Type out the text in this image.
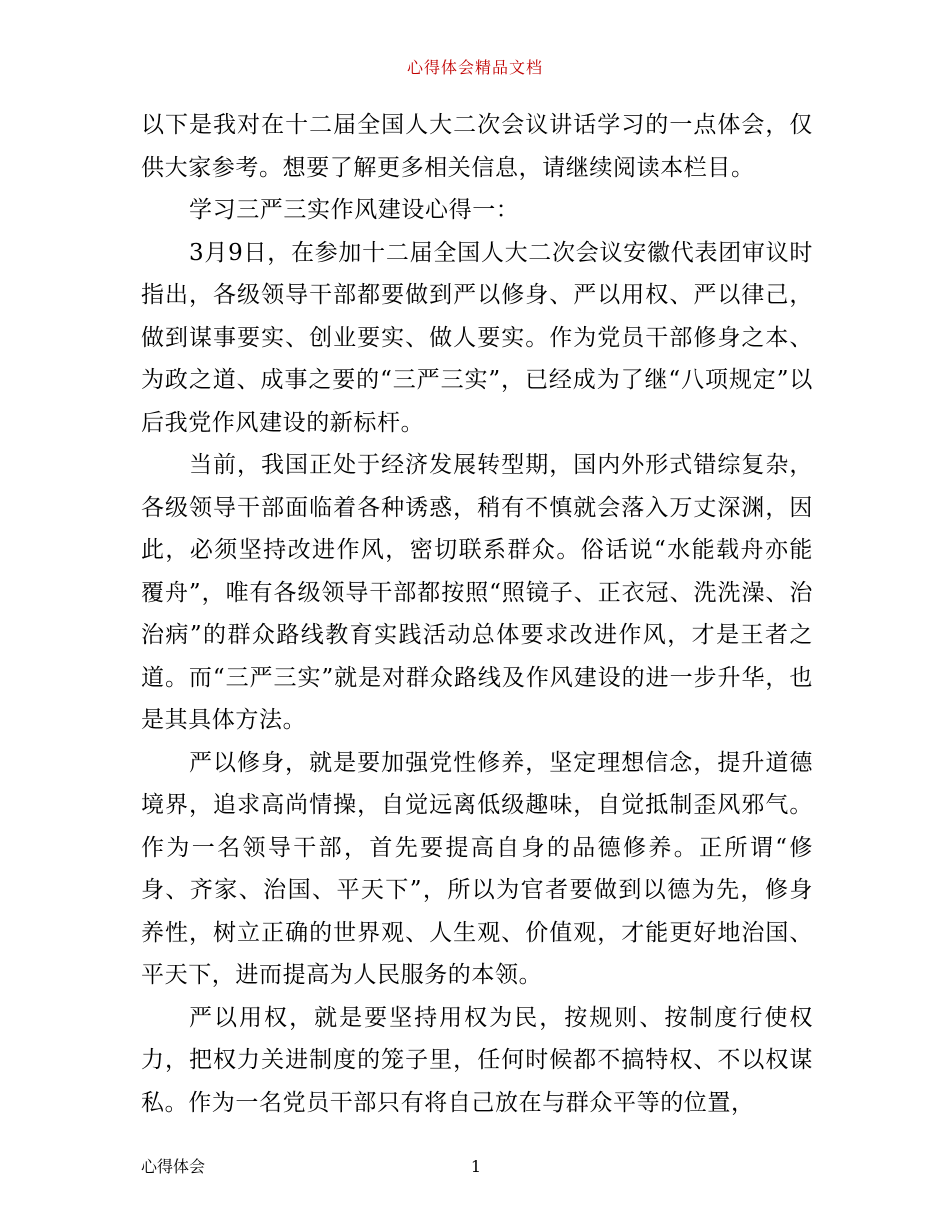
心得体会精品文档

以下是我对在十二届全国人大二次会议讲话学习的一点体会，仅供大家参考。想要了解更多相关信息，请继续阅读本栏目。

学习三严三实作风建设心得一：

3月9日，在参加十二届全国人大二次会议安徽代表团审议时指出，各级领导干部都要做到严以修身、严以用权、严以律己，做到谋事要实、创业要实、做人要实。作为党员干部修身之本、为政之道、成事之要的“三严三实”，已经成为了继“八项规定”以后我党作风建设的新标杆。

当前，我国正处于经济发展转型期，国内外形式错综复杂，各级领导干部面临着各种诱惑，稍有不慎就会落入万丈深渊，因此，必须坚持改进作风，密切联系群众。俗话说“水能载舟亦能覆舟”，唯有各级领导干部都按照“照镜子、正衣冠、洗洗澡、治治病”的群众路线教育实践活动总体要求改进作风，才是王者之道。而“三严三实”就是对群众路线及作风建设的进一步升华，也是其具体方法。

严以修身，就是要加强党性修养，坚定理想信念，提升道德境界，追求高尚情操，自觉远离低级趣味，自觉抵制歪风邪气。作为一名领导干部，首先要提高自身的品德修养。正所谓“修身、齐家、治国、平天下”，所以为官者要做到以德为先，修身养性，树立正确的世界观、人生观、价值观，才能更好地治国、平天下，进而提高为人民服务的本领。

严以用权，就是要坚持用权为民，按规则、按制度行使权力，把权力关进制度的笼子里，任何时候都不搞特权、不以权谋私。作为一名党员干部只有将自己放在与群众平等的位置，

心得体会	1
